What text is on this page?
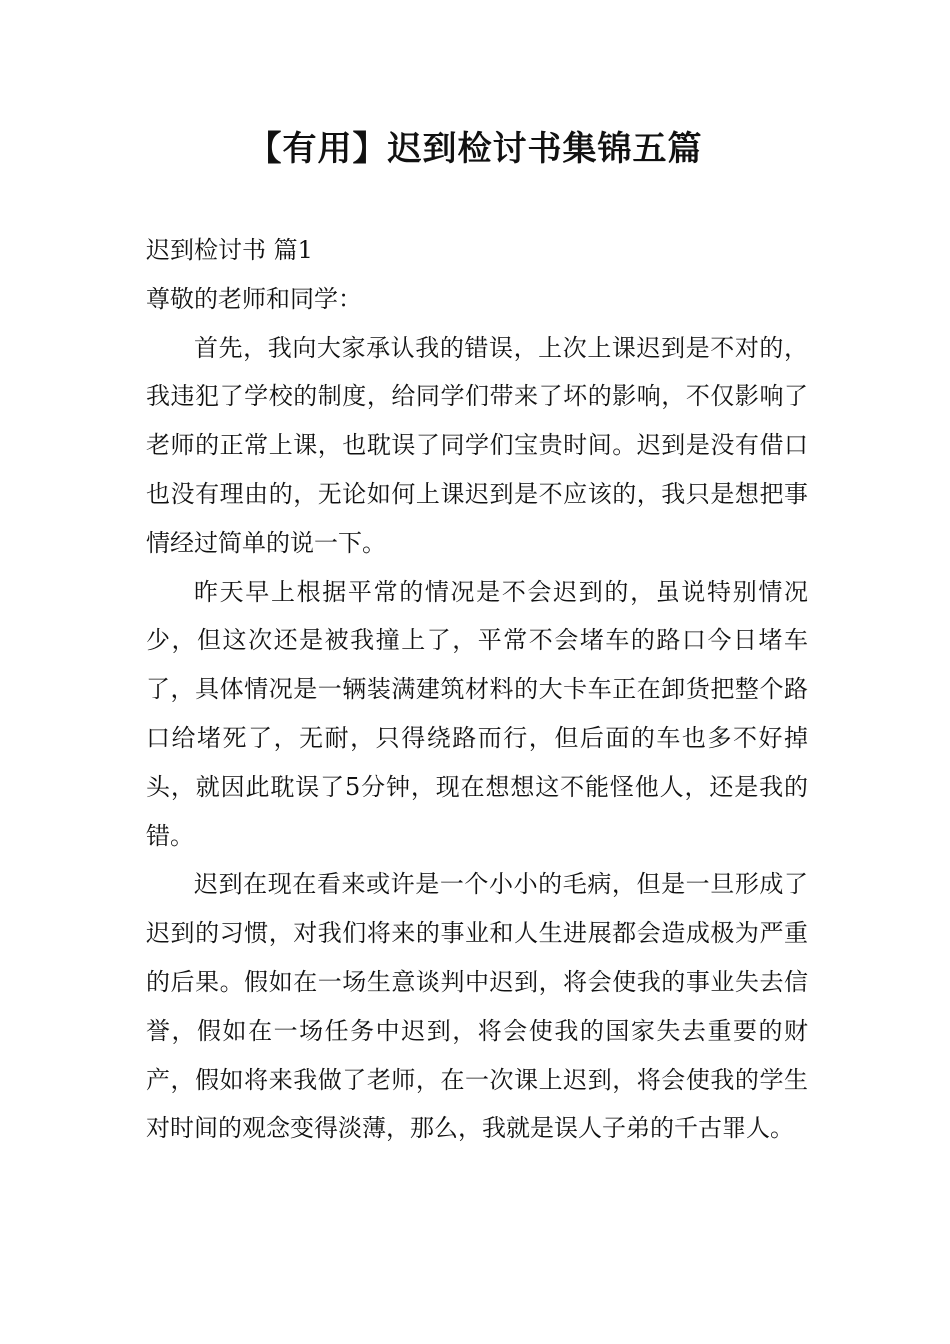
【有用】迟到检讨书集锦五篇

迟到检讨书 篇1

尊敬的老师和同学：

首先，我向大家承认我的错误，上次上课迟到是不对的，我违犯了学校的制度，给同学们带来了坏的影响，不仅影响了老师的正常上课，也耽误了同学们宝贵时间。迟到是没有借口也没有理由的，无论如何上课迟到是不应该的，我只是想把事情经过简单的说一下。

昨天早上根据平常的情况是不会迟到的，虽说特别情况少，但这次还是被我撞上了，平常不会堵车的路口今日堵车了，具体情况是一辆装满建筑材料的大卡车正在卸货把整个路口给堵死了，无耐，只得绕路而行，但后面的车也多不好掉头，就因此耽误了5分钟，现在想想这不能怪他人，还是我的错。

迟到在现在看来或许是一个小小的毛病，但是一旦形成了迟到的习惯，对我们将来的事业和人生进展都会造成极为严重的后果。假如在一场生意谈判中迟到，将会使我的事业失去信誉，假如在一场任务中迟到，将会使我的国家失去重要的财产，假如将来我做了老师，在一次课上迟到，将会使我的学生对时间的观念变得淡薄，那么，我就是误人子弟的千古罪人。
